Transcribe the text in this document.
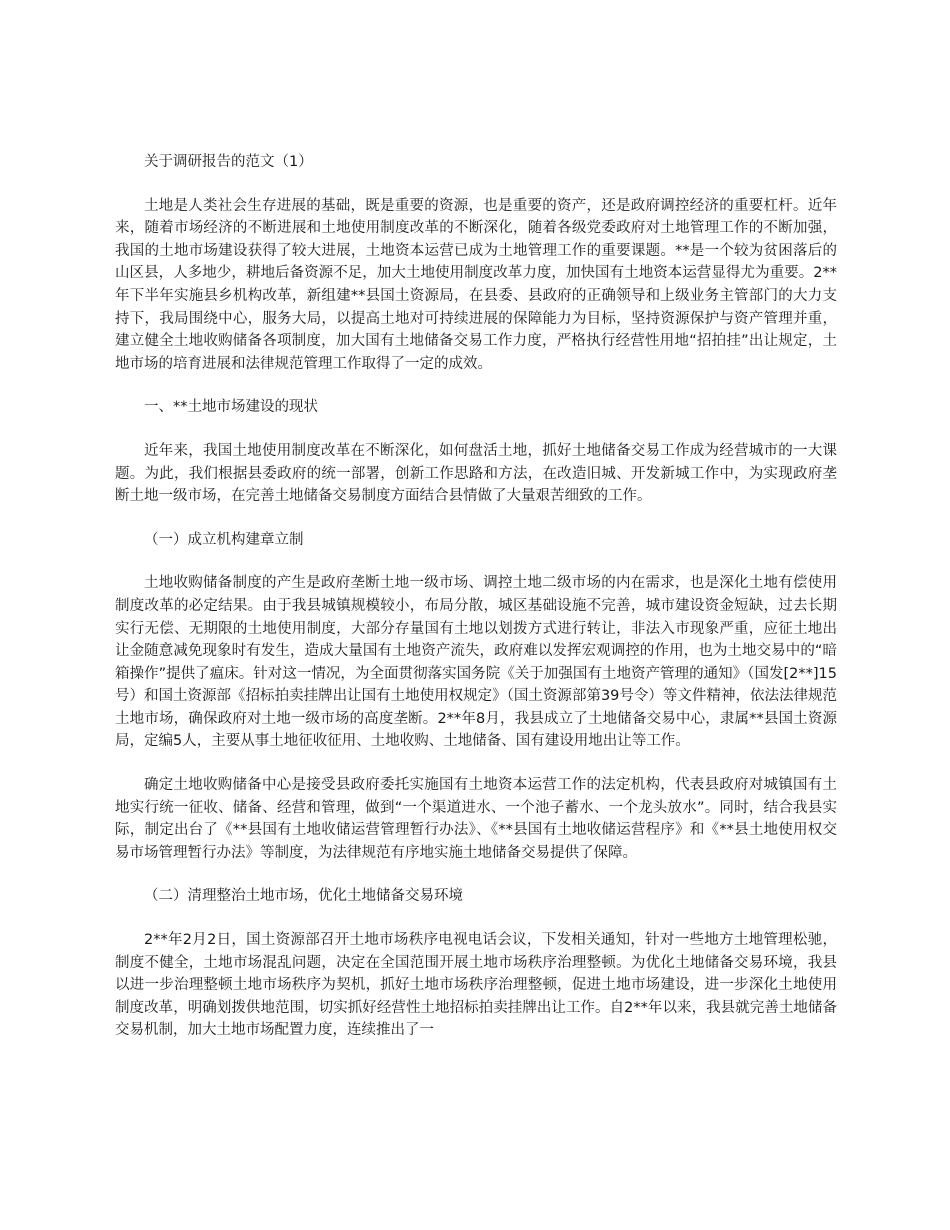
关于调研报告的范文（1）

土地是人类社会生存进展的基础，既是重要的资源，也是重要的资产，还是政府调控经济的重要杠杆。近年来，随着市场经济的不断进展和土地使用制度改革的不断深化，随着各级党委政府对土地管理工作的不断加强，我国的土地市场建设获得了较大进展，土地资本运营已成为土地管理工作的重要课题。**是一个较为贫困落后的山区县，人多地少，耕地后备资源不足，加大土地使用制度改革力度，加快国有土地资本运营显得尤为重要。2**年下半年实施县乡机构改革，新组建**县国土资源局，在县委、县政府的正确领导和上级业务主管部门的大力支持下，我局围绕中心，服务大局，以提高土地对可持续进展的保障能力为目标，坚持资源保护与资产管理并重，建立健全土地收购储备各项制度，加大国有土地储备交易工作力度，严格执行经营性用地“招拍挂”出让规定，土地市场的培育进展和法律规范管理工作取得了一定的成效。

一、**土地市场建设的现状

近年来，我国土地使用制度改革在不断深化，如何盘活土地，抓好土地储备交易工作成为经营城市的一大课题。为此，我们根据县委政府的统一部署，创新工作思路和方法，在改造旧城、开发新城工作中，为实现政府垄断土地一级市场，在完善土地储备交易制度方面结合县情做了大量艰苦细致的工作。

（一）成立机构建章立制

土地收购储备制度的产生是政府垄断土地一级市场、调控土地二级市场的内在需求，也是深化土地有偿使用制度改革的必定结果。由于我县城镇规模较小，布局分散，城区基础设施不完善，城市建设资金短缺，过去长期实行无偿、无期限的土地使用制度，大部分存量国有土地以划拨方式进行转让，非法入市现象严重，应征土地出让金随意减免现象时有发生，造成大量国有土地资产流失，政府难以发挥宏观调控的作用，也为土地交易中的“暗箱操作”提供了瘟床。针对这一情况，为全面贯彻落实国务院《关于加强国有土地资产管理的通知》（国发[2**]15号）和国土资源部《招标拍卖挂牌出让国有土地使用权规定》（国土资源部第39号令）等文件精神，依法法律规范土地市场，确保政府对土地一级市场的高度垄断。2**年8月，我县成立了土地储备交易中心，隶属**县国土资源局，定编5人，主要从事土地征收征用、土地收购、土地储备、国有建设用地出让等工作。

确定土地收购储备中心是接受县政府委托实施国有土地资本运营工作的法定机构，代表县政府对城镇国有土地实行统一征收、储备、经营和管理，做到“一个渠道进水、一个池子蓄水、一个龙头放水”。同时，结合我县实际，制定出台了《**县国有土地收储运营管理暂行办法》、《**县国有土地收储运营程序》和《**县土地使用权交易市场管理暂行办法》等制度，为法律规范有序地实施土地储备交易提供了保障。

（二）清理整治土地市场，优化土地储备交易环境

2**年2月2日，国土资源部召开土地市场秩序电视电话会议，下发相关通知，针对一些地方土地管理松驰，制度不健全，土地市场混乱问题，决定在全国范围开展土地市场秩序治理整顿。为优化土地储备交易环境，我县以进一步治理整顿土地市场秩序为契机，抓好土地市场秩序治理整顿，促进土地市场建设，进一步深化土地使用制度改革，明确划拨供地范围，切实抓好经营性土地招标拍卖挂牌出让工作。自2**年以来，我县就完善土地储备交易机制，加大土地市场配置力度，连续推出了一
